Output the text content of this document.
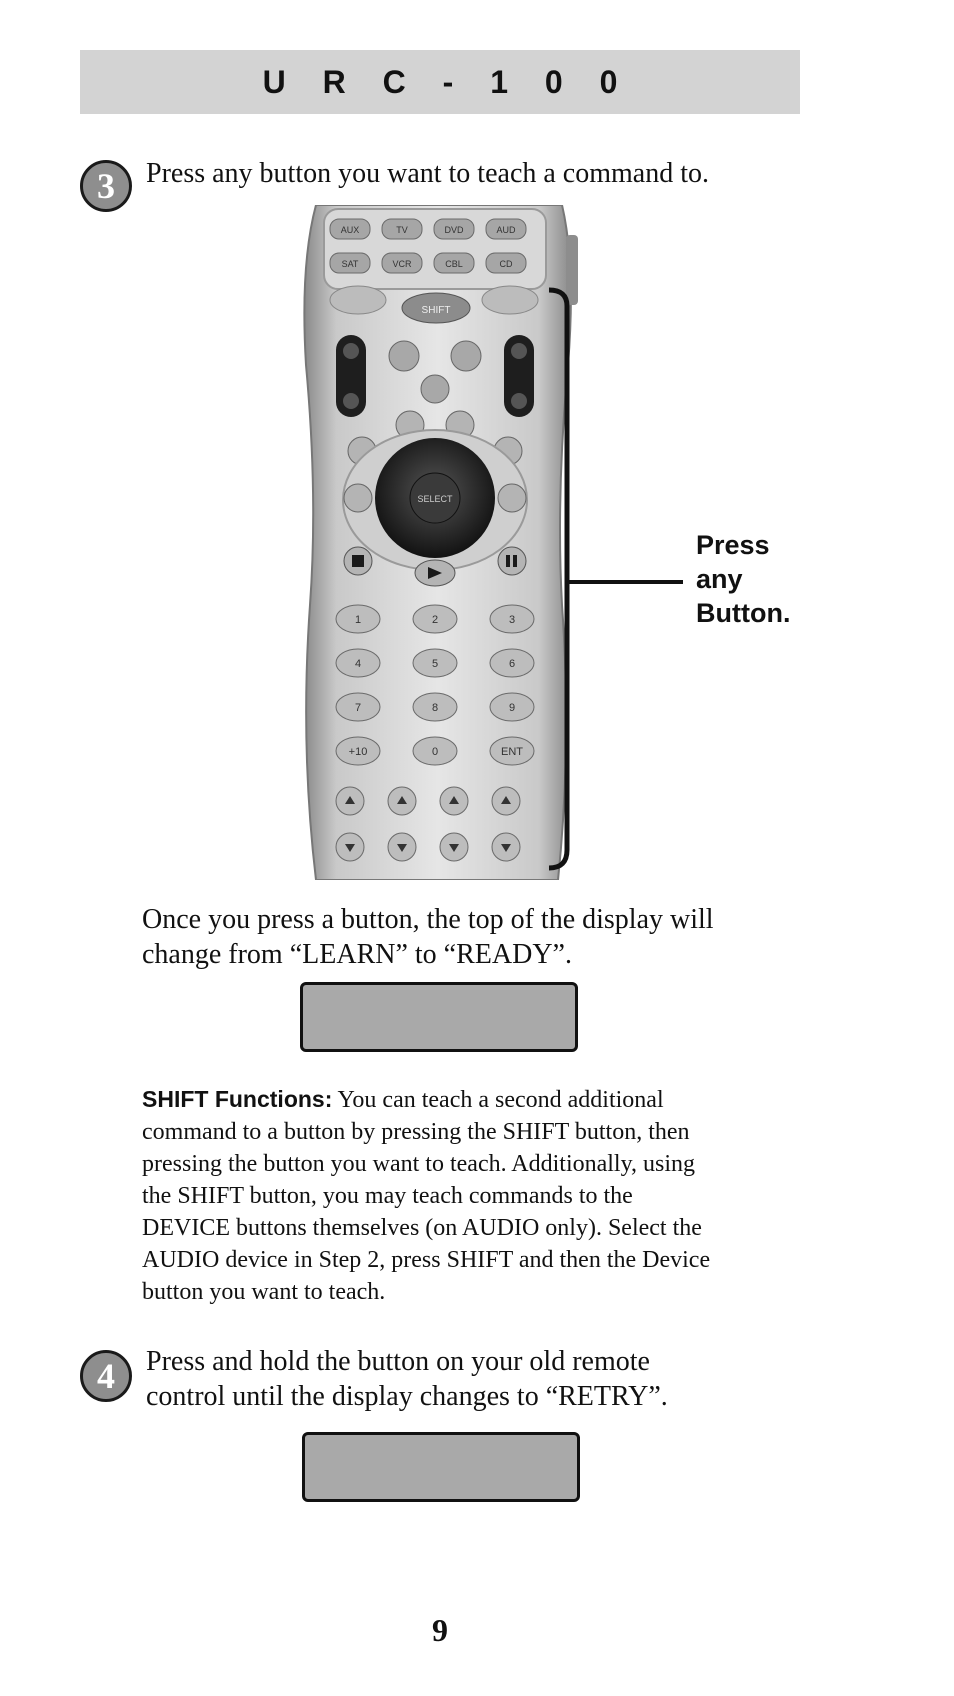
U R C - 1 0 0
3	Press any button you want to teach a command to.
AUX	TV	DVD	AUD
SAT	VCR	CBL	CD
SHIFT
SELECT
1	2	3
4	5	6
7	8	9
+10	0	ENT
Press
any
Button.
Once you press a button, the top of the display will
change from “LEARN” to “READY”.
SHIFT Functions: You can teach a second additional
command to a button by pressing the SHIFT button, then
pressing the button you want to teach. Additionally, using
the SHIFT button, you may teach commands to the
DEVICE buttons themselves (on AUDIO only). Select the
AUDIO device in Step 2, press SHIFT and then the Device
button you want to teach.
4	Press and hold the button on your old remote
control until the display changes to “RETRY”.
9
